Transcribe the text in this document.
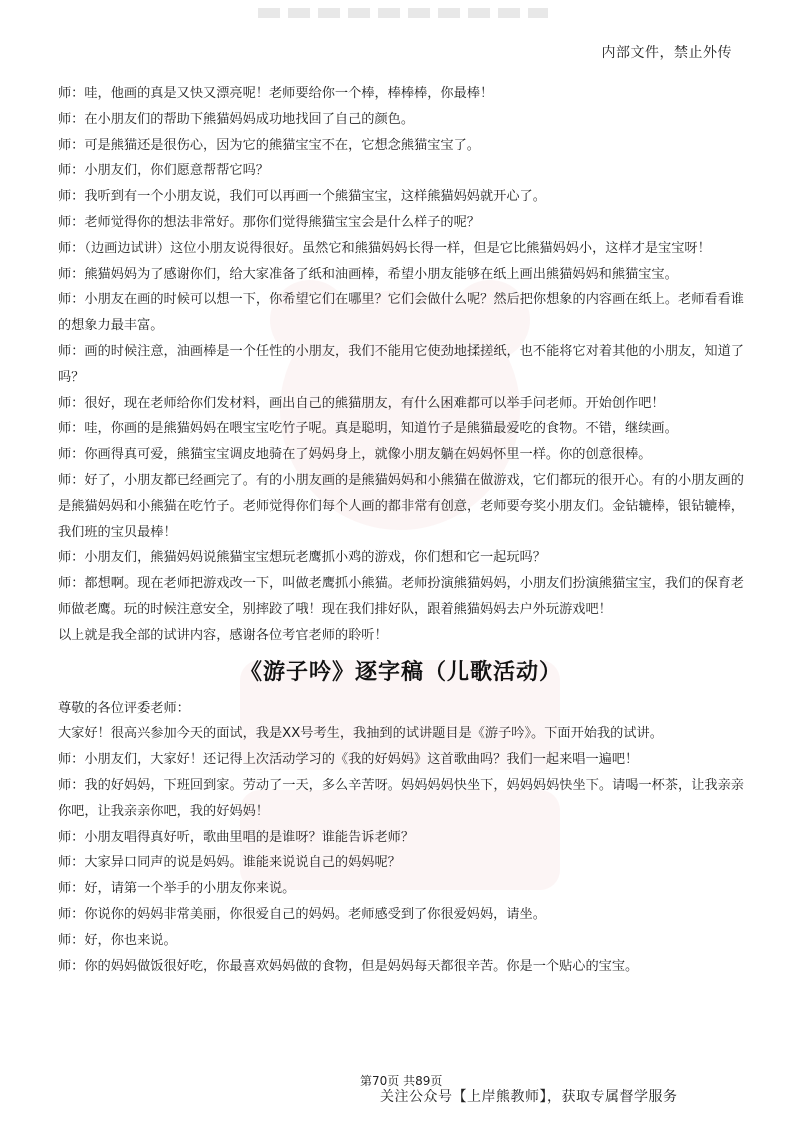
内部文件，禁止外传

师：哇，他画的真是又快又漂亮呢！老师要给你一个棒，棒棒棒，你最棒！

师：在小朋友们的帮助下熊猫妈妈成功地找回了自己的颜色。

师：可是熊猫还是很伤心，因为它的熊猫宝宝不在，它想念熊猫宝宝了。

师：小朋友们，你们愿意帮帮它吗？

师：我听到有一个小朋友说，我们可以再画一个熊猫宝宝，这样熊猫妈妈就开心了。

师：老师觉得你的想法非常好。那你们觉得熊猫宝宝会是什么样子的呢？

师：（边画边试讲）这位小朋友说得很好。虽然它和熊猫妈妈长得一样，但是它比熊猫妈妈小，这样才是宝宝呀！

师：熊猫妈妈为了感谢你们，给大家准备了纸和油画棒，希望小朋友能够在纸上画出熊猫妈妈和熊猫宝宝。

师：小朋友在画的时候可以想一下，你希望它们在哪里？它们会做什么呢？然后把你想象的内容画在纸上。老师看看谁的想象力最丰富。

师：画的时候注意，油画棒是一个任性的小朋友，我们不能用它使劲地揉搓纸，也不能将它对着其他的小朋友，知道了吗？

师：很好，现在老师给你们发材料，画出自己的熊猫朋友，有什么困难都可以举手问老师。开始创作吧！

师：哇，你画的是熊猫妈妈在喂宝宝吃竹子呢。真是聪明，知道竹子是熊猫最爱吃的食物。不错，继续画。

师：你画得真可爱，熊猫宝宝调皮地骑在了妈妈身上，就像小朋友躺在妈妈怀里一样。你的创意很棒。

师：好了，小朋友都已经画完了。有的小朋友画的是熊猫妈妈和小熊猫在做游戏，它们都玩的很开心。有的小朋友画的是熊猫妈妈和小熊猫在吃竹子。老师觉得你们每个人画的都非常有创意，老师要夸奖小朋友们。金钻辘棒，银钻辘棒，我们班的宝贝最棒！

师：小朋友们，熊猫妈妈说熊猫宝宝想玩老鹰抓小鸡的游戏，你们想和它一起玩吗？

师：都想啊。现在老师把游戏改一下，叫做老鹰抓小熊猫。老师扮演熊猫妈妈，小朋友们扮演熊猫宝宝，我们的保育老师做老鹰。玩的时候注意安全，别摔跤了哦！现在我们排好队，跟着熊猫妈妈去户外玩游戏吧！

以上就是我全部的试讲内容，感谢各位考官老师的聆听！

《游子吟》逐字稿（儿歌活动）

尊敬的各位评委老师：

大家好！很高兴参加今天的面试，我是XX号考生，我抽到的试讲题目是《游子吟》。下面开始我的试讲。

师：小朋友们，大家好！还记得上次活动学习的《我的好妈妈》这首歌曲吗？我们一起来唱一遍吧！

师：我的好妈妈，下班回到家。劳动了一天，多么辛苦呀。妈妈妈妈快坐下，妈妈妈妈快坐下。请喝一杯茶，让我亲亲你吧，让我亲亲你吧，我的好妈妈！

师：小朋友唱得真好听，歌曲里唱的是谁呀？谁能告诉老师？

师：大家异口同声的说是妈妈。谁能来说说自己的妈妈呢？

师：好，请第一个举手的小朋友你来说。

师：你说你的妈妈非常美丽，你很爱自己的妈妈。老师感受到了你很爱妈妈，请坐。

师：好，你也来说。

师：你的妈妈做饭很好吃，你最喜欢妈妈做的食物，但是妈妈每天都很辛苦。你是一个贴心的宝宝。

第70页 共89页
关注公众号【上岸熊教师】，获取专属督学服务
